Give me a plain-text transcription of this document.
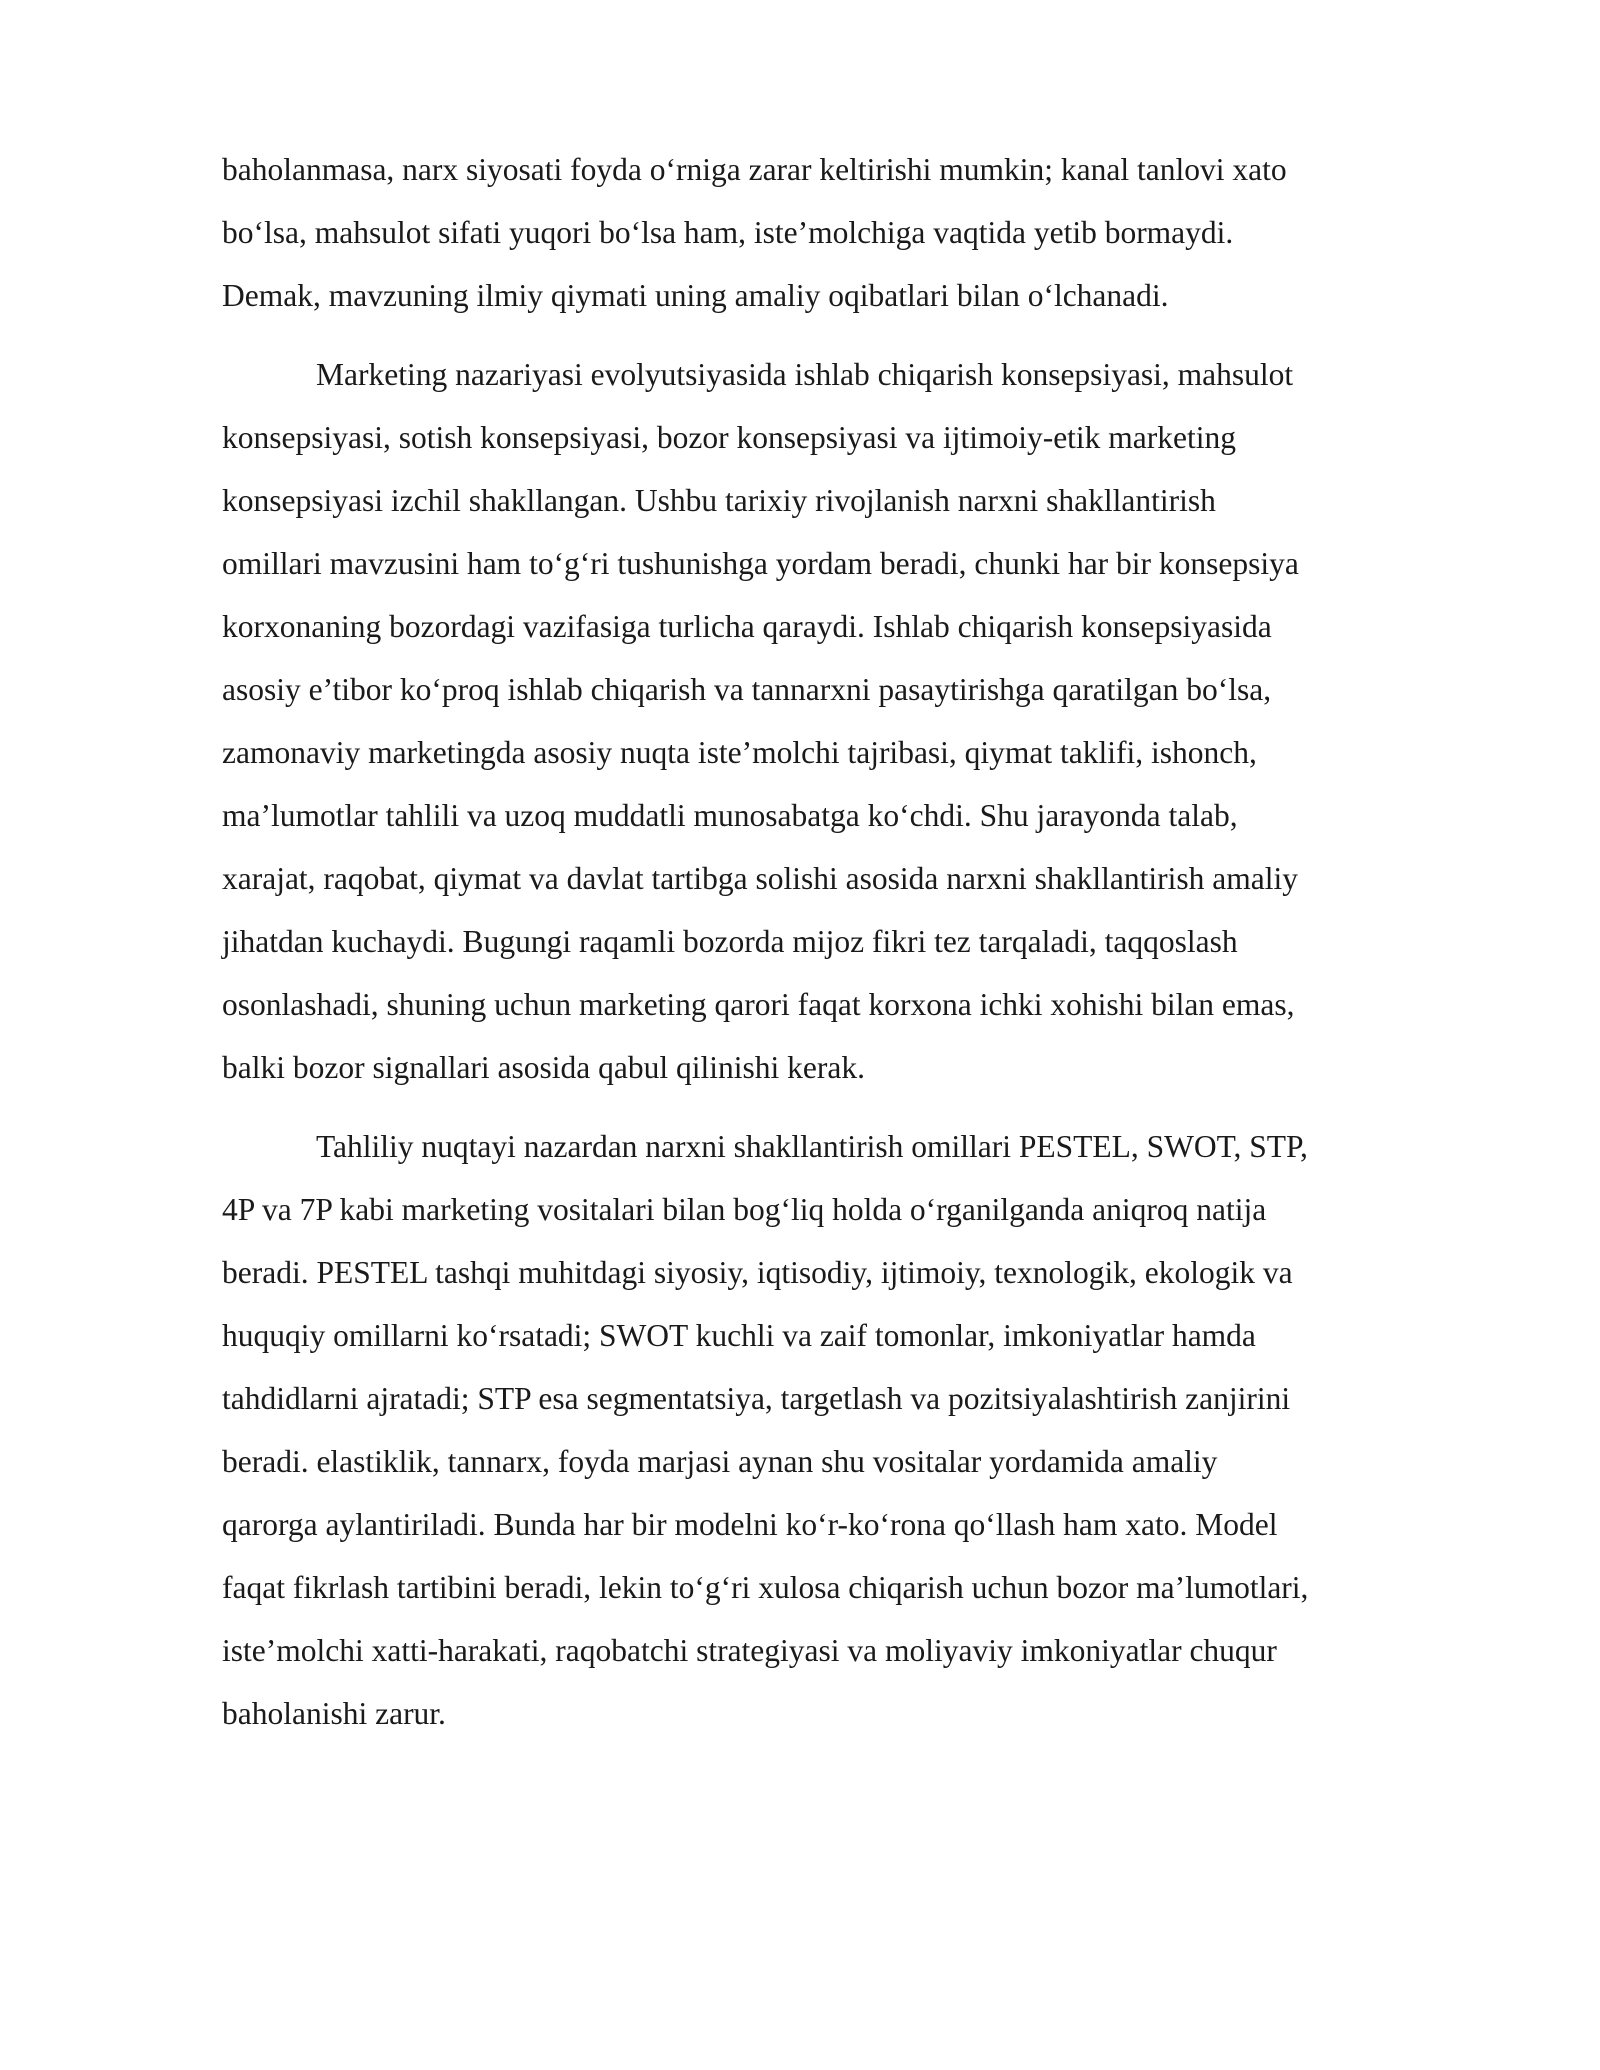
baholanmasa, narx siyosati foyda o‘rniga zarar keltirishi mumkin; kanal tanlovi xato
bo‘lsa, mahsulot sifati yuqori bo‘lsa ham, iste’molchiga vaqtida yetib bormaydi.
Demak, mavzuning ilmiy qiymati uning amaliy oqibatlari bilan o‘lchanadi.
Marketing nazariyasi evolyutsiyasida ishlab chiqarish konsepsiyasi, mahsulot
konsepsiyasi, sotish konsepsiyasi, bozor konsepsiyasi va ijtimoiy-etik marketing
konsepsiyasi izchil shakllangan. Ushbu tarixiy rivojlanish narxni shakllantirish
omillari mavzusini ham to‘g‘ri tushunishga yordam beradi, chunki har bir konsepsiya
korxonaning bozordagi vazifasiga turlicha qaraydi. Ishlab chiqarish konsepsiyasida
asosiy e’tibor ko‘proq ishlab chiqarish va tannarxni pasaytirishga qaratilgan bo‘lsa,
zamonaviy marketingda asosiy nuqta iste’molchi tajribasi, qiymat taklifi, ishonch,
ma’lumotlar tahlili va uzoq muddatli munosabatga ko‘chdi. Shu jarayonda talab,
xarajat, raqobat, qiymat va davlat tartibga solishi asosida narxni shakllantirish amaliy
jihatdan kuchaydi. Bugungi raqamli bozorda mijoz fikri tez tarqaladi, taqqoslash
osonlashadi, shuning uchun marketing qarori faqat korxona ichki xohishi bilan emas,
balki bozor signallari asosida qabul qilinishi kerak.
Tahliliy nuqtayi nazardan narxni shakllantirish omillari PESTEL, SWOT, STP,
4P va 7P kabi marketing vositalari bilan bog‘liq holda o‘rganilganda aniqroq natija
beradi. PESTEL tashqi muhitdagi siyosiy, iqtisodiy, ijtimoiy, texnologik, ekologik va
huquqiy omillarni ko‘rsatadi; SWOT kuchli va zaif tomonlar, imkoniyatlar hamda
tahdidlarni ajratadi; STP esa segmentatsiya, targetlash va pozitsiyalashtirish zanjirini
beradi. elastiklik, tannarx, foyda marjasi aynan shu vositalar yordamida amaliy
qarorga aylantiriladi. Bunda har bir modelni ko‘r-ko‘rona qo‘llash ham xato. Model
faqat fikrlash tartibini beradi, lekin to‘g‘ri xulosa chiqarish uchun bozor ma’lumotlari,
iste’molchi xatti-harakati, raqobatchi strategiyasi va moliyaviy imkoniyatlar chuqur
baholanishi zarur.
